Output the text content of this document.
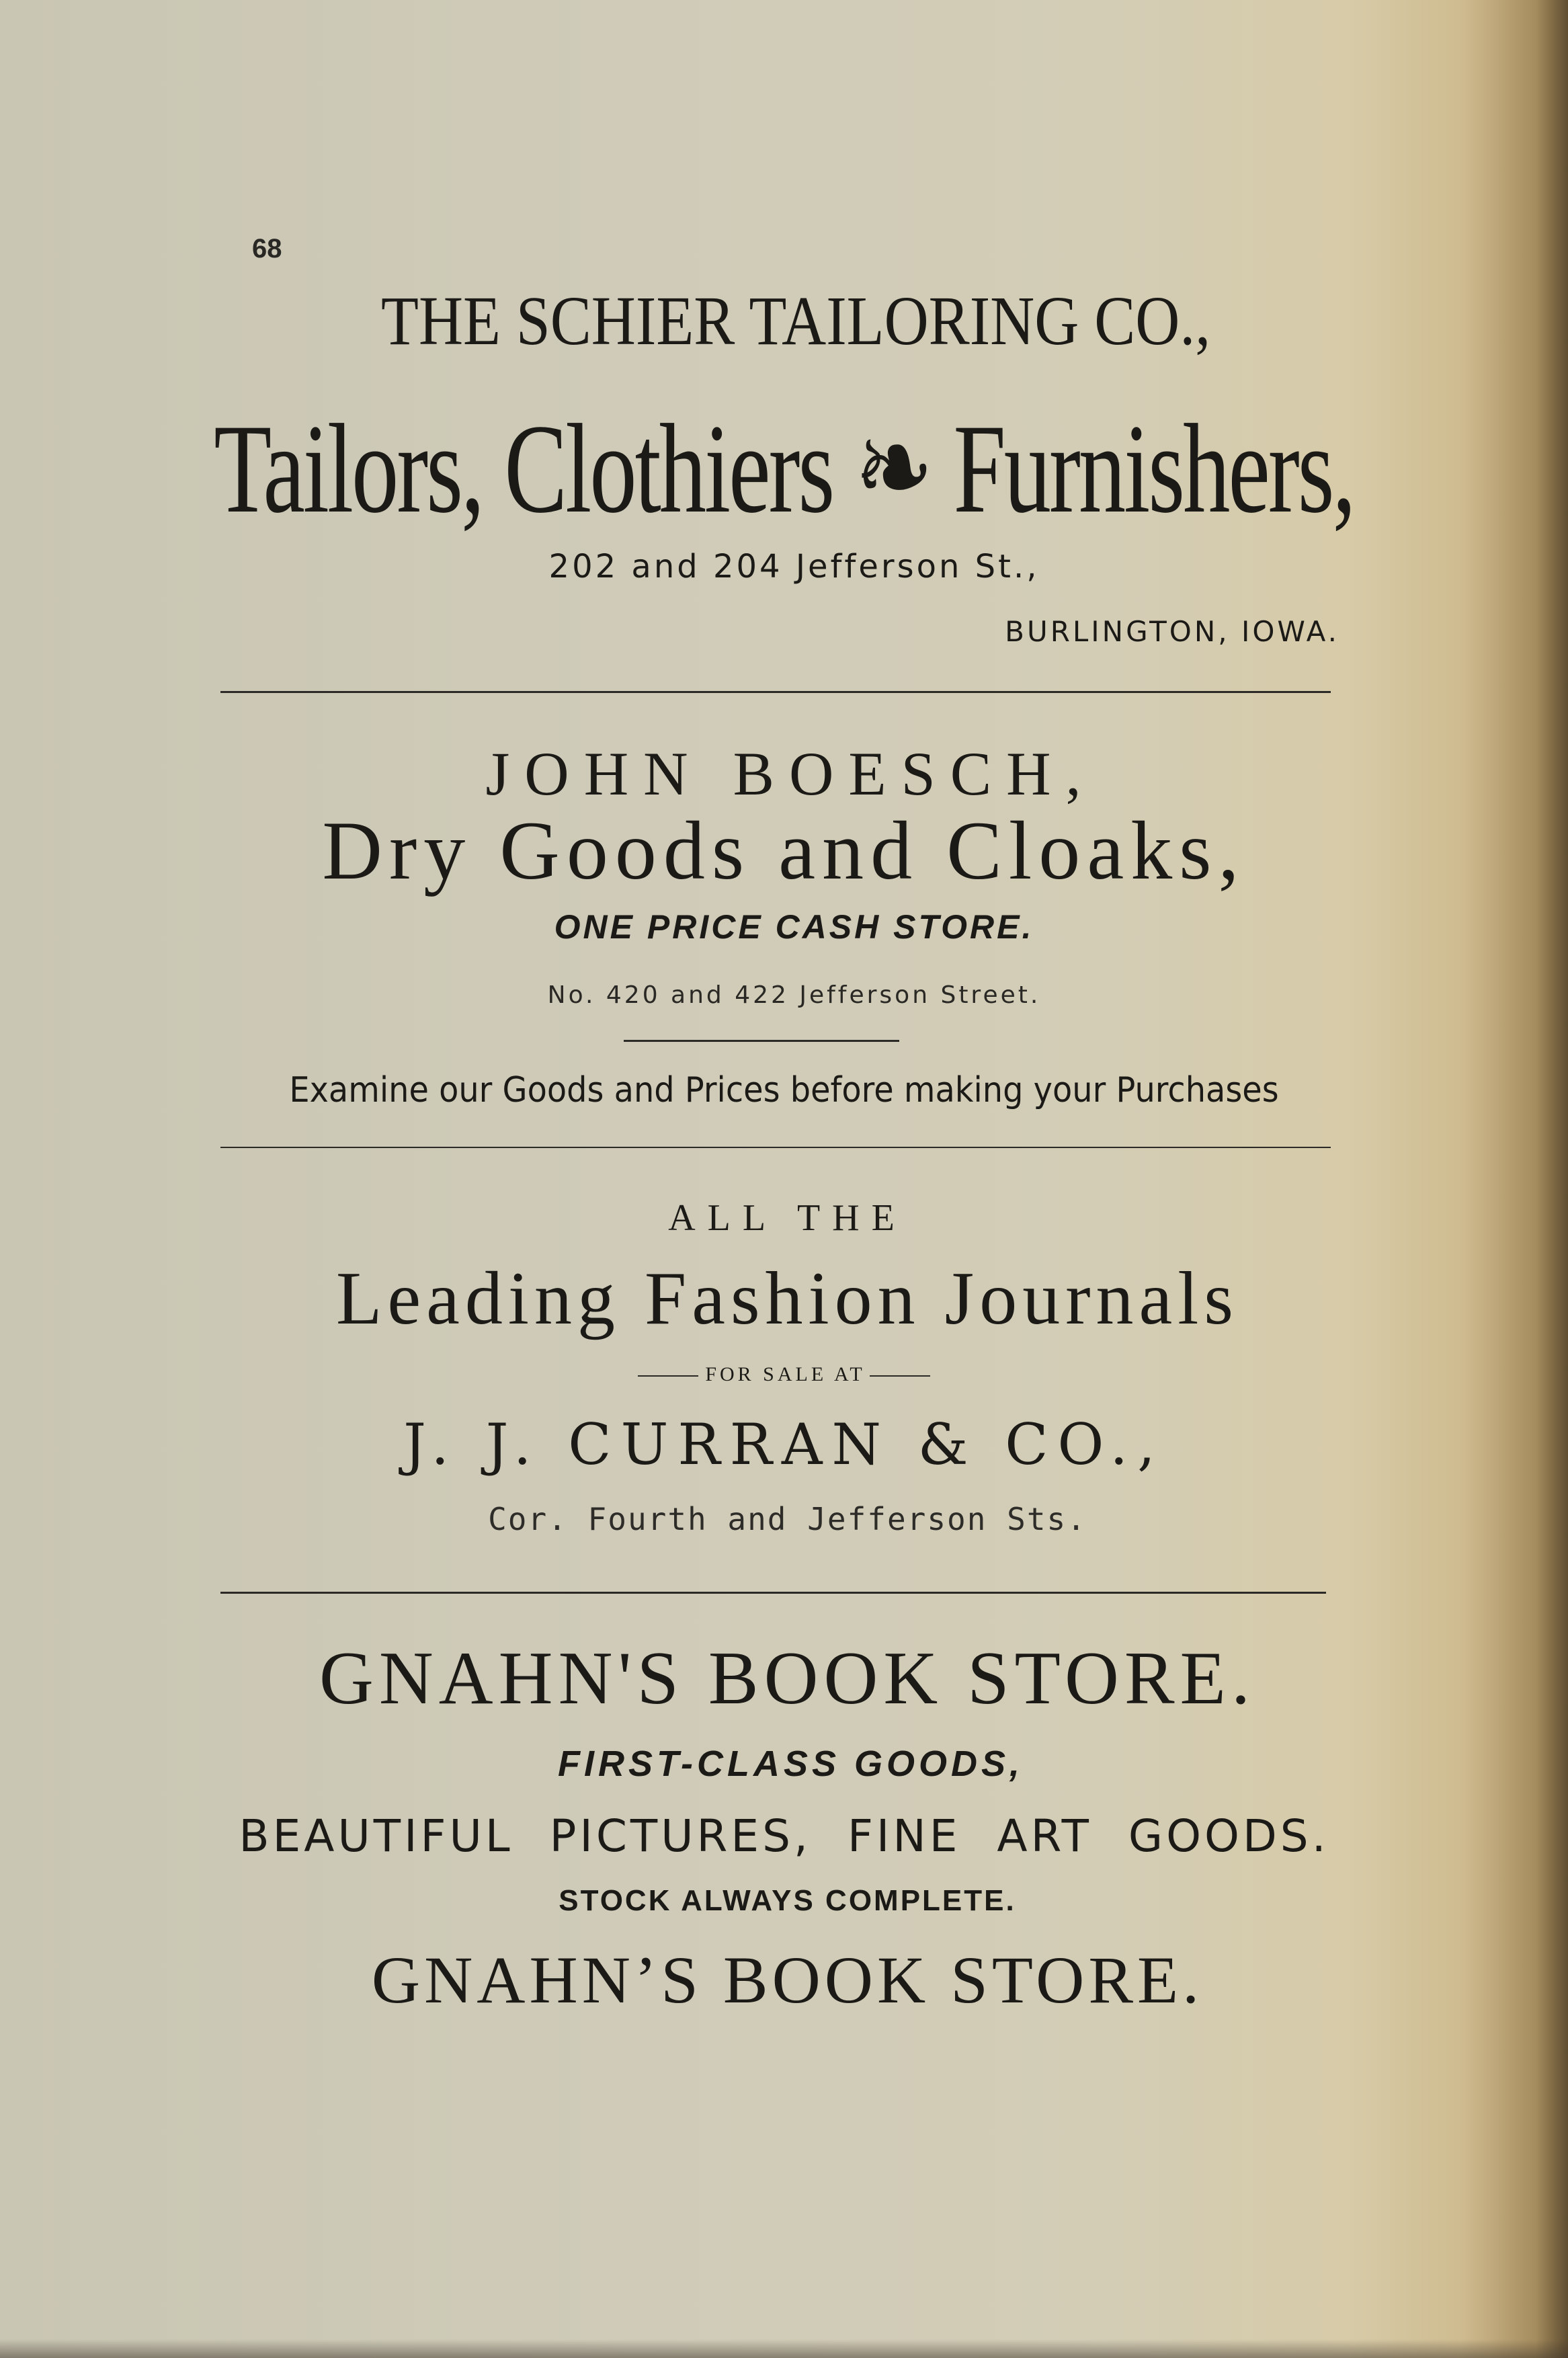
68
THE SCHIER TAILORING CO.,
Tailors, Clothiers ❧ Furnishers,
202 and 204 Jefferson St.,
BURLINGTON, IOWA.
JOHN BOESCH,
Dry Goods and Cloaks,
ONE PRICE CASH STORE.
No. 420 and 422 Jefferson Street.
Examine our Goods and Prices before making your Purchases
ALL THE
Leading Fashion Journals
FOR SALE AT
J. J. CURRAN & CO.,
Cor. Fourth and Jefferson Sts.
GNAHN'S BOOK STORE.
FIRST-CLASS GOODS,
BEAUTIFUL PICTURES, FINE ART GOODS.
STOCK ALWAYS COMPLETE.
GNAHN’S BOOK STORE.
